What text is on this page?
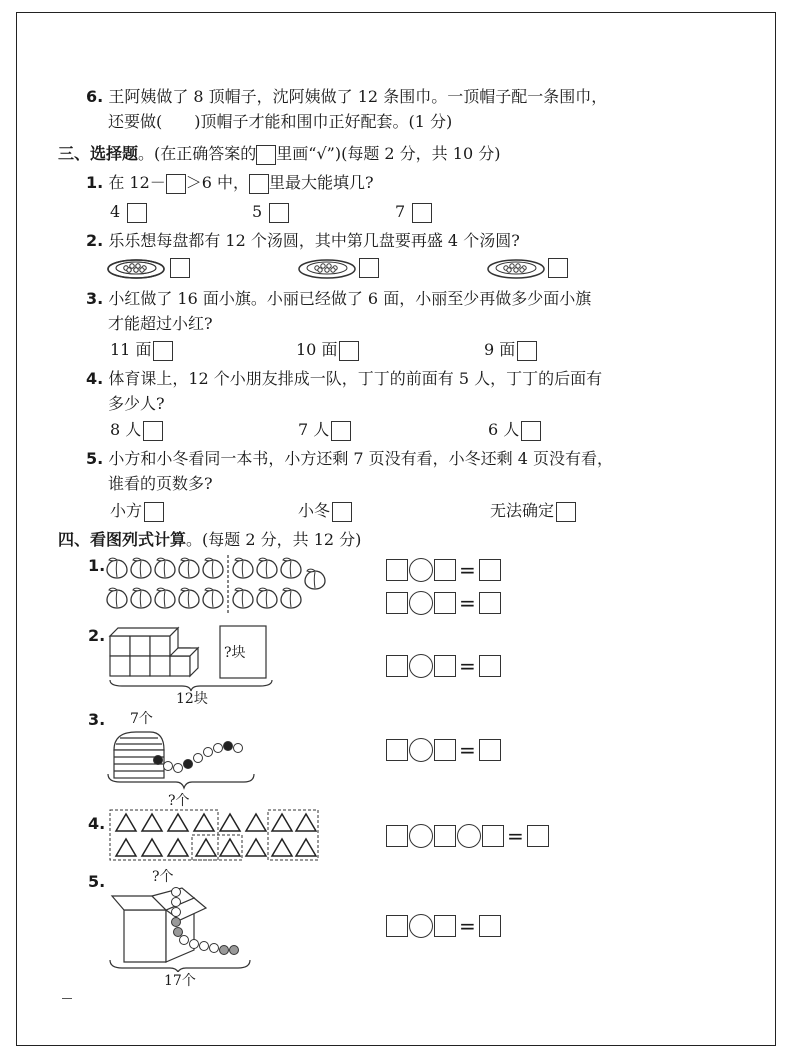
6. 王阿姨做了 8 顶帽子，沈阿姨做了 12 条围巾。一顶帽子配一条围巾，
还要做(　　)顶帽子才能和围巾正好配套。(1 分)
三、选择题。(在正确答案的 里画“√”)(每题 2 分，共 10 分)
1. 在 12－ ＞6 中， 里最大能填几?
4	5	7
2. 乐乐想每盘都有 12 个汤圆，其中第几盘要再盛 4 个汤圆?
3. 小红做了 16 面小旗。小丽已经做了 6 面，小丽至少再做多少面小旗
才能超过小红?
11 面	10 面	9 面
4. 体育课上，12 个小朋友排成一队，丁丁的前面有 5 人，丁丁的后面有
多少人?
8 人	7 人	6 人
5. 小方和小冬看同一本书，小方还剩 7 页没有看，小冬还剩 4 页没有看，
谁看的页数多?
小方	小冬	无法确定
四、看图列式计算。(每题 2 分，共 12 分)
1.	=
=
2.
?块
12块
=
3. 7个
?个
=
4.
=
5.	?个
17个
=
